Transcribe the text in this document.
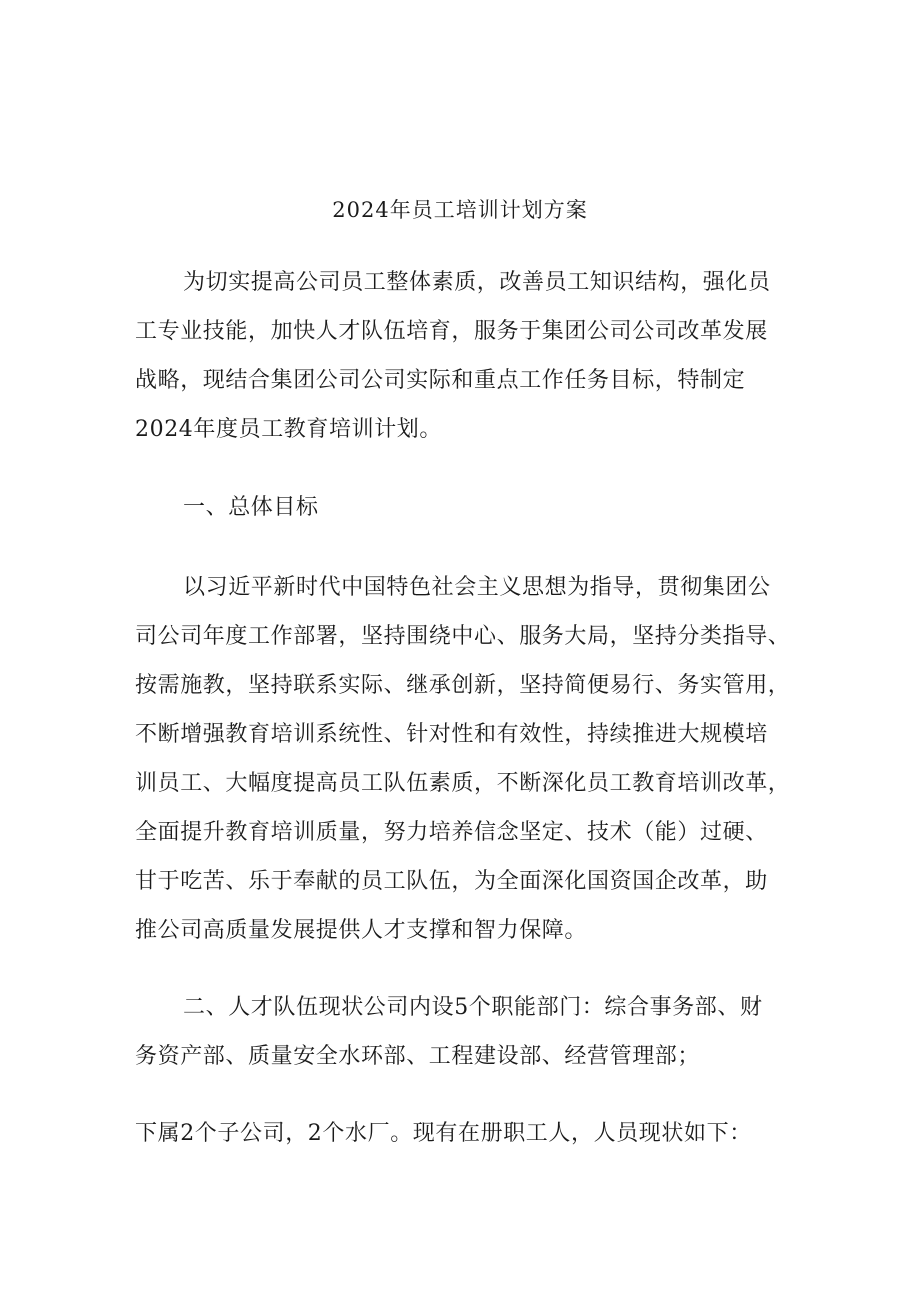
2024年员工培训计划方案
为切实提高公司员工整体素质，改善员工知识结构，强化员
工专业技能，加快人才队伍培育，服务于集团公司公司改革发展
战略，现结合集团公司公司实际和重点工作任务目标，特制定
2024年度员工教育培训计划。
一、总体目标
以习近平新时代中国特色社会主义思想为指导，贯彻集团公
司公司年度工作部署，坚持围绕中心、服务大局，坚持分类指导、
按需施教，坚持联系实际、继承创新，坚持简便易行、务实管用，
不断增强教育培训系统性、针对性和有效性，持续推进大规模培
训员工、大幅度提高员工队伍素质，不断深化员工教育培训改革，
全面提升教育培训质量，努力培养信念坚定、技术（能）过硬、
甘于吃苦、乐于奉献的员工队伍，为全面深化国资国企改革，助
推公司高质量发展提供人才支撑和智力保障。
二、人才队伍现状公司内设5个职能部门：综合事务部、财
务资产部、质量安全水环部、工程建设部、经营管理部；
下属2个子公司，2个水厂。现有在册职工人，人员现状如下：
